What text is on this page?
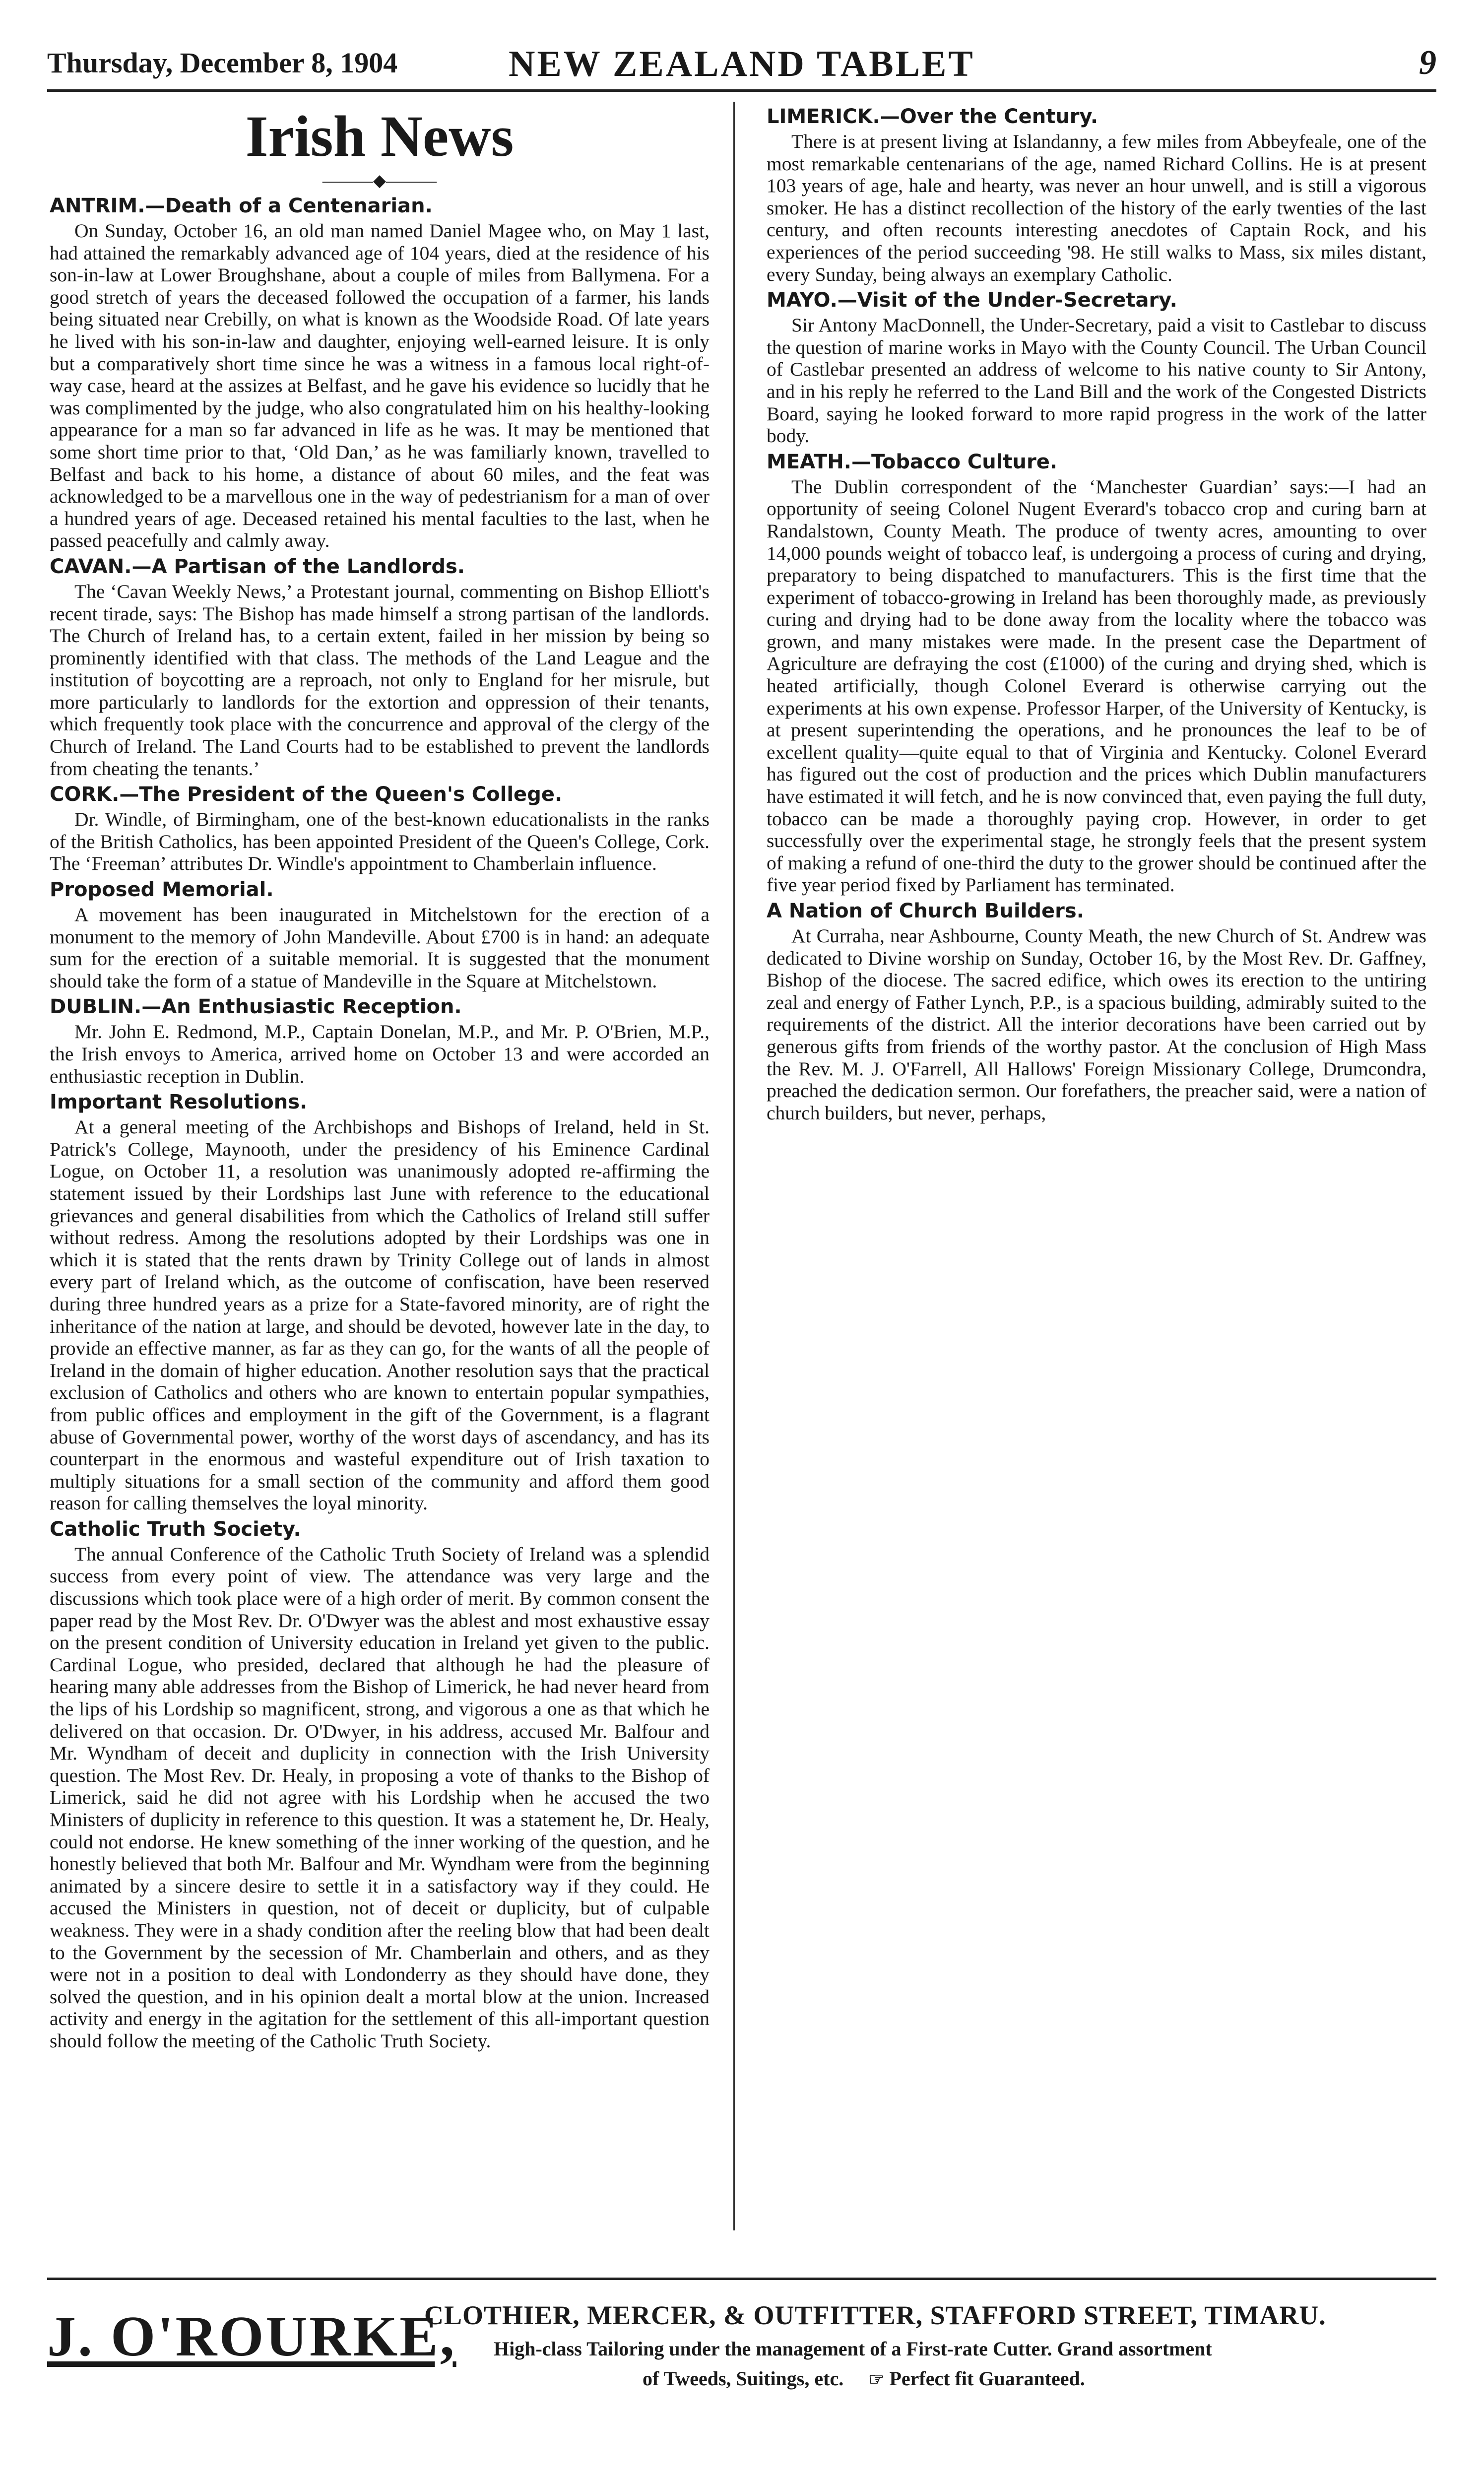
Thursday, December 8, 1904	NEW ZEALAND TABLET	9
Irish News
———◆———
ANTRIM.—Death of a Centenarian.

On Sunday, October 16, an old man named Daniel Magee who, on May 1 last, had attained the remarkably advanced age of 104 years, died at the residence of his son-in-law at Lower Broughshane, about a couple of miles from Ballymena. For a good stretch of years the deceased followed the occupation of a farmer, his lands being situated near Crebilly, on what is known as the Woodside Road. Of late years he lived with his son-in-law and daughter, enjoying well-earned leisure. It is only but a comparatively short time since he was a witness in a famous local right-of-way case, heard at the assizes at Belfast, and he gave his evidence so lucidly that he was complimented by the judge, who also congratulated him on his healthy-looking appearance for a man so far advanced in life as he was. It may be mentioned that some short time prior to that, ‘Old Dan,’ as he was familiarly known, travelled to Belfast and back to his home, a distance of about 60 miles, and the feat was acknowledged to be a marvellous one in the way of pedestrianism for a man of over a hundred years of age. Deceased retained his mental faculties to the last, when he passed peacefully and calmly away.

CAVAN.—A Partisan of the Landlords.

The ‘Cavan Weekly News,’ a Protestant journal, commenting on Bishop Elliott's recent tirade, says: The Bishop has made himself a strong partisan of the landlords. The Church of Ireland has, to a certain extent, failed in her mission by being so prominently identified with that class. The methods of the Land League and the institution of boycotting are a reproach, not only to England for her misrule, but more particularly to landlords for the extortion and oppression of their tenants, which frequently took place with the concurrence and approval of the clergy of the Church of Ireland. The Land Courts had to be established to prevent the landlords from cheating the tenants.’

CORK.—The President of the Queen's College.

Dr. Windle, of Birmingham, one of the best-known educationalists in the ranks of the British Catholics, has been appointed President of the Queen's College, Cork. The ‘Freeman’ attributes Dr. Windle's appointment to Chamberlain influence.

Proposed Memorial.

A movement has been inaugurated in Mitchelstown for the erection of a monument to the memory of John Mandeville. About £700 is in hand: an adequate sum for the erection of a suitable memorial. It is suggested that the monument should take the form of a statue of Mandeville in the Square at Mitchelstown.

DUBLIN.—An Enthusiastic Reception.

Mr. John E. Redmond, M.P., Captain Donelan, M.P., and Mr. P. O'Brien, M.P., the Irish envoys to America, arrived home on October 13 and were accorded an enthusiastic reception in Dublin.

Important Resolutions.

At a general meeting of the Archbishops and Bishops of Ireland, held in St. Patrick's College, Maynooth, under the presidency of his Eminence Cardinal Logue, on October 11, a resolution was unanimously adopted re-affirming the statement issued by their Lordships last June with reference to the educational grievances and general disabilities from which the Catholics of Ireland still suffer without redress. Among the resolutions adopted by their Lordships was one in which it is stated that the rents drawn by Trinity College out of lands in almost every part of Ireland which, as the outcome of confiscation, have been reserved during three hundred years as a prize for a State-favored minority, are of right the inheritance of the nation at large, and should be devoted, however late in the day, to provide an effective manner, as far as they can go, for the wants of all the people of Ireland in the domain of higher education. Another resolution says that the practical exclusion of Catholics and others who are known to entertain popular sympathies, from public offices and employment in the gift of the Government, is a flagrant abuse of Governmental power, worthy of the worst days of ascendancy, and has its counterpart in the enormous and wasteful expenditure out of Irish taxation to multiply situations for a small section of the community and afford them good reason for calling themselves the loyal minority.

Catholic Truth Society.

The annual Conference of the Catholic Truth Society of Ireland was a splendid success from every point of view. The attendance was very large and the discussions which took place were of a high order of merit. By common consent the paper read by the Most Rev. Dr. O'Dwyer was the ablest and most exhaustive essay on the present condition of University education in Ireland yet given to the public. Cardinal Logue, who presided, declared that although he had the pleasure of hearing many able addresses from the Bishop of Limerick, he had never heard from the lips of his Lordship so magnificent, strong, and vigorous a one as that which he delivered on that occasion. Dr. O'Dwyer, in his address, accused Mr. Balfour and Mr. Wyndham of deceit and duplicity in connection with the Irish University question. The Most Rev. Dr. Healy, in proposing a vote of thanks to the Bishop of Limerick, said he did not agree with his Lordship when he accused the two Ministers of duplicity in reference to this question. It was a statement he, Dr. Healy, could not endorse. He knew something of the inner working of the question, and he honestly believed that both Mr. Balfour and Mr. Wyndham were from the beginning animated by a sincere desire to settle it in a satisfactory way if they could. He accused the Ministers in question, not of deceit or duplicity, but of culpable weakness. They were in a shady condition after the reeling blow that had been dealt to the Government by the secession of Mr. Chamberlain and others, and as they were not in a position to deal with Londonderry as they should have done, they solved the question, and in his opinion dealt a mortal blow at the union. Increased activity and energy in the agitation for the settlement of this all-important question should follow the meeting of the Catholic Truth Society.

LIMERICK.—Over the Century.

There is at present living at Islandanny, a few miles from Abbeyfeale, one of the most remarkable centenarians of the age, named Richard Collins. He is at present 103 years of age, hale and hearty, was never an hour unwell, and is still a vigorous smoker. He has a distinct recollection of the history of the early twenties of the last century, and often recounts interesting anecdotes of Captain Rock, and his experiences of the period succeeding '98. He still walks to Mass, six miles distant, every Sunday, being always an exemplary Catholic.

MAYO.—Visit of the Under-Secretary.

Sir Antony MacDonnell, the Under-Secretary, paid a visit to Castlebar to discuss the question of marine works in Mayo with the County Council. The Urban Council of Castlebar presented an address of welcome to his native county to Sir Antony, and in his reply he referred to the Land Bill and the work of the Congested Districts Board, saying he looked forward to more rapid progress in the work of the latter body.

MEATH.—Tobacco Culture.

The Dublin correspondent of the ‘Manchester Guardian’ says:—I had an opportunity of seeing Colonel Nugent Everard's tobacco crop and curing barn at Randalstown, County Meath. The produce of twenty acres, amounting to over 14,000 pounds weight of tobacco leaf, is undergoing a process of curing and drying, preparatory to being dispatched to manufacturers. This is the first time that the experiment of tobacco-growing in Ireland has been thoroughly made, as previously curing and drying had to be done away from the locality where the tobacco was grown, and many mistakes were made. In the present case the Department of Agriculture are defraying the cost (£1000) of the curing and drying shed, which is heated artificially, though Colonel Everard is otherwise carrying out the experiments at his own expense. Professor Harper, of the University of Kentucky, is at present superintending the operations, and he pronounces the leaf to be of excellent quality—quite equal to that of Virginia and Kentucky. Colonel Everard has figured out the cost of production and the prices which Dublin manufacturers have estimated it will fetch, and he is now convinced that, even paying the full duty, tobacco can be made a thoroughly paying crop. However, in order to get successfully over the experimental stage, he strongly feels that the present system of making a refund of one-third the duty to the grower should be continued after the five year period fixed by Parliament has terminated.

A Nation of Church Builders.

At Curraha, near Ashbourne, County Meath, the new Church of St. Andrew was dedicated to Divine worship on Sunday, October 16, by the Most Rev. Dr. Gaffney, Bishop of the diocese. The sacred edifice, which owes its erection to the untiring zeal and energy of Father Lynch, P.P., is a spacious building, admirably suited to the requirements of the district. All the interior decorations have been carried out by generous gifts from friends of the worthy pastor. At the conclusion of High Mass the Rev. M. J. O'Farrell, All Hallows' Foreign Missionary College, Drumcondra, preached the dedication sermon. Our forefathers, the preacher said, were a nation of church builders, but never, perhaps,

J. O'ROURKE,
CLOTHIER, MERCER, & OUTFITTER, STAFFORD STREET, TIMARU.
High-class Tailoring under the management of a First-rate Cutter. Grand assortment
of Tweeds, Suitings, etc. ☞ Perfect fit Guaranteed.
